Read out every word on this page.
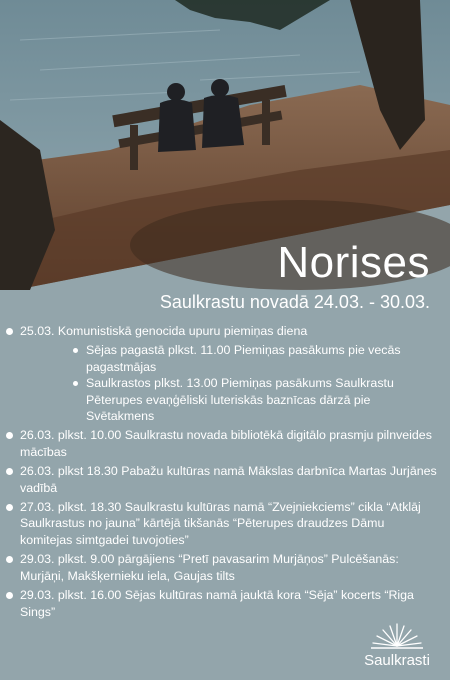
Norises
Saulkrastu novadā 24.03. - 30.03.
25.03. Komunistiskā genocida upuru piemiņas diena
Sējas pagastā plkst. 11.00 Piemiņas pasākums pie vecās pagastmājas
Saulkrastos plkst. 13.00 Piemiņas pasākums Saulkrastu Pēterupes evaņģēliski luteriskās baznīcas dārzā pie Svētakmens
26.03. plkst. 10.00 Saulkrastu novada bibliotēkā digitālo prasmju pilnveides mācības
26.03. plkst 18.30 Pabažu kultūras namā Mākslas darbnīca Martas Jurjānes vadībā
27.03. plkst. 18.30 Saulkrastu kultūras namā “Zvejniekciems” cikla “Atklāj Saulkrastus no jauna” kārtējā tikšanās “Pēterupes draudzes Dāmu komitejas simtgadei tuvojoties”
29.03. plkst. 9.00 pārgājiens “Pretī pavasarim Murjāņos” Pulcēšanās: Murjāņi, Makšķernieku iela, Gaujas tilts
29.03. plkst. 16.00 Sējas kultūras namā jauktā kora “Sēja” kocerts “Riga Sings”
Saulkrasti
